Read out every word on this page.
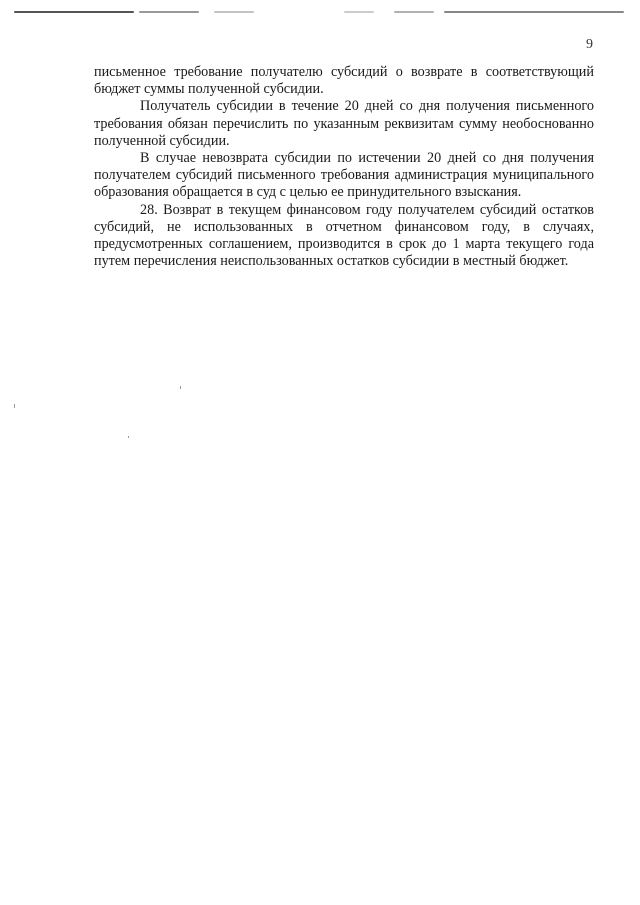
9

письменное требование получателю субсидий о возврате в соответствующий бюджет суммы полученной субсидии.

Получатель субсидии в течение 20 дней со дня получения письменного требования обязан перечислить по указанным реквизитам сумму необоснованно полученной субсидии.

В случае невозврата субсидии по истечении 20 дней со дня получения получателем субсидий письменного требования администрация муниципального образования обращается в суд с целью ее принудительного взыскания.

28. Возврат в текущем финансовом году получателем субсидий остатков субсидий, не использованных в отчетном финансовом году, в случаях, предусмотренных соглашением, производится в срок до 1 марта текущего года путем перечисления неиспользованных остатков субсидии в местный бюджет.
